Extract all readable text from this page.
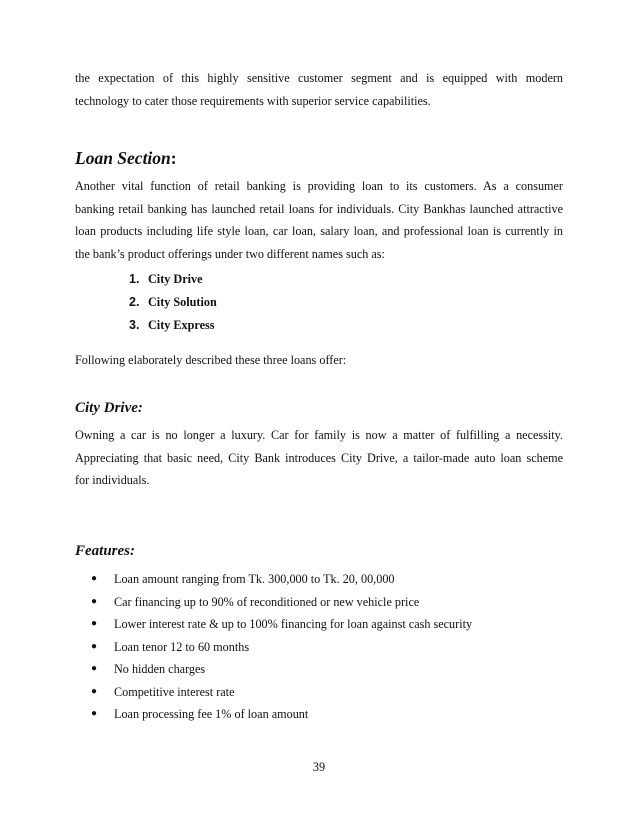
the expectation of this highly sensitive customer segment and is equipped with modern
technology to cater those requirements with superior service capabilities.
Loan Section:
Another vital function of retail banking is providing loan to its customers. As a consumer
banking retail banking has launched retail loans for individuals. City Bankhas launched attractive
loan products including life style loan, car loan, salary loan, and professional loan is currently in
the bank’s product offerings under two different names such as:
1. City Drive
2. City Solution
3. City Express
Following elaborately described these three loans offer:
City Drive:
Owning a car is no longer a luxury. Car for family is now a matter of fulfilling a necessity.
Appreciating that basic need, City Bank introduces City Drive, a tailor-made auto loan scheme
for individuals.
Features:
● Loan amount ranging from Tk. 300,000 to Tk. 20, 00,000
● Car financing up to 90% of reconditioned or new vehicle price
● Lower interest rate & up to 100% financing for loan against cash security
● Loan tenor 12 to 60 months
● No hidden charges
● Competitive interest rate
● Loan processing fee 1% of loan amount
39
